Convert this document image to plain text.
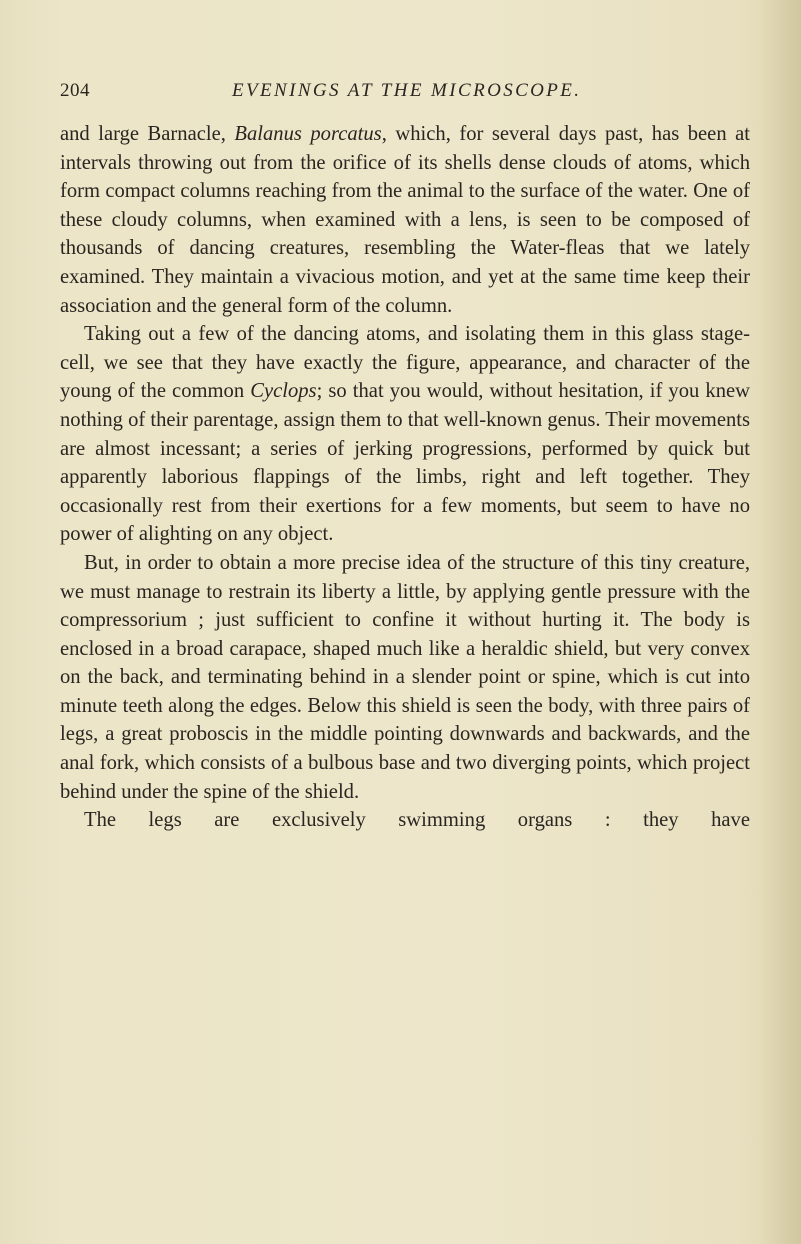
204	EVENINGS AT THE MICROSCOPE.

and large Barnacle, Balanus porcatus, which, for several days past, has been at intervals throwing out from the orifice of its shells dense clouds of atoms, which form compact columns reaching from the animal to the surface of the water. One of these cloudy columns, when examined with a lens, is seen to be composed of thousands of dancing creatures, resembling the Water-fleas that we lately examined. They maintain a vivacious motion, and yet at the same time keep their association and the general form of the column.

Taking out a few of the dancing atoms, and isolating them in this glass stage-cell, we see that they have exactly the figure, appearance, and character of the young of the common Cyclops; so that you would, without hesitation, if you knew nothing of their parentage, assign them to that well-known genus. Their movements are almost incessant; a series of jerking progressions, performed by quick but apparently laborious flappings of the limbs, right and left together. They occasionally rest from their exertions for a few moments, but seem to have no power of alighting on any object.

But, in order to obtain a more precise idea of the structure of this tiny creature, we must manage to restrain its liberty a little, by applying gentle pressure with the compressorium ; just sufficient to confine it without hurting it. The body is enclosed in a broad carapace, shaped much like a heraldic shield, but very convex on the back, and terminating behind in a slender point or spine, which is cut into minute teeth along the edges. Below this shield is seen the body, with three pairs of legs, a great proboscis in the middle pointing downwards and backwards, and the anal fork, which consists of a bulbous base and two diverging points, which project behind under the spine of the shield.

The legs are exclusively swimming organs : they have
